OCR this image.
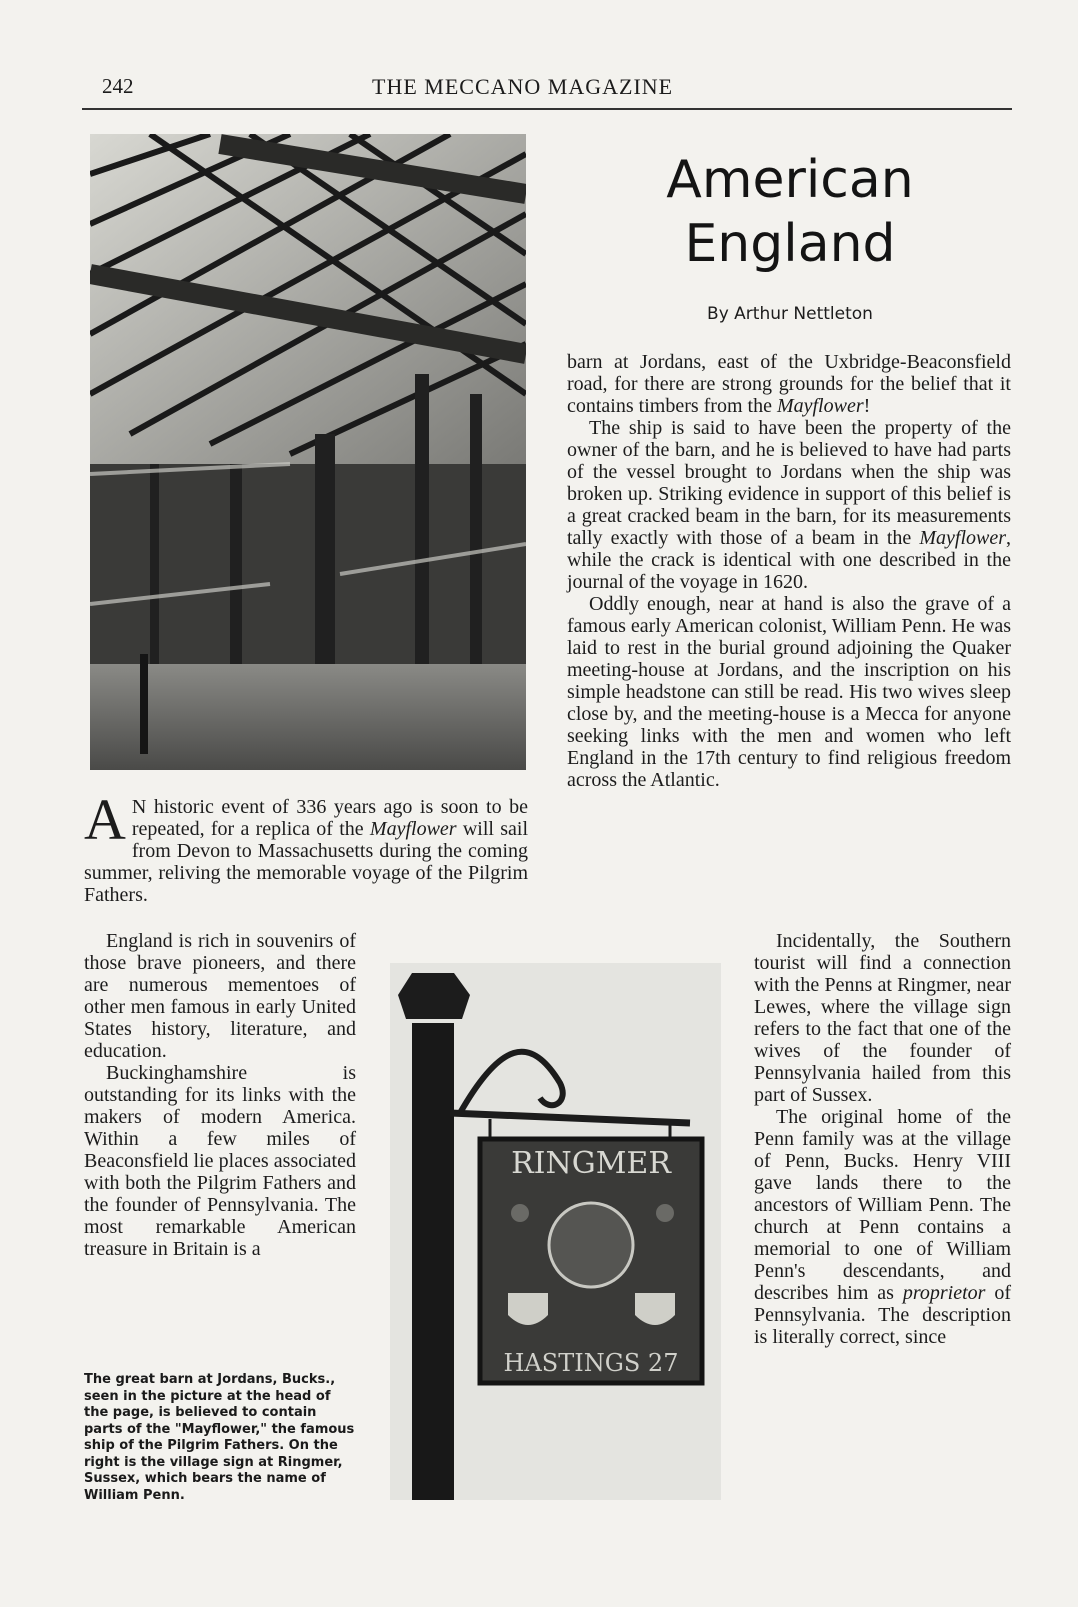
242	THE MECCANO MAGAZINE
American
England
By Arthur Nettleton

barn at Jordans, east of the Uxbridge-Beaconsfield road, for there are strong grounds for the belief that it contains timbers from the Mayflower!

The ship is said to have been the property of the owner of the barn, and he is believed to have had parts of the vessel brought to Jordans when the ship was broken up. Striking evidence in support of this belief is a great cracked beam in the barn, for its measurements tally exactly with those of a beam in the Mayflower, while the crack is identical with one described in the journal of the voyage in 1620.

Oddly enough, near at hand is also the grave of a famous early American colonist, William Penn. He was laid to rest in the burial ground adjoining the Quaker meeting-house at Jordans, and the inscription on his simple headstone can still be read. His two wives sleep close by, and the meeting-house is a Mecca for anyone seeking links with the men and women who left England in the 17th century to find religious freedom across the Atlantic.

A N historic event of 336 years ago is soon to be repeated, for a replica of the Mayflower will sail from Devon to Massachusetts during the coming summer, reliving the memorable voyage of the Pilgrim Fathers.

England is rich in souvenirs of those brave pioneers, and there are numerous mementoes of other men famous in early United States history, literature, and education.

Buckinghamshire is outstanding for its links with the makers of modern America. Within a few miles of Beaconsfield lie places associated with both the Pilgrim Fathers and the founder of Pennsylvania. The most remarkable American treasure in Britain is a

RINGMER
HASTINGS 27

Incidentally, the Southern tourist will find a connection with the Penns at Ringmer, near Lewes, where the village sign refers to the fact that one of the wives of the founder of Pennsylvania hailed from this part of Sussex.

The original home of the Penn family was at the village of Penn, Bucks. Henry VIII gave lands there to the ancestors of William Penn. The church at Penn contains a memorial to one of William Penn's descendants, and describes him as proprietor of Pennsylvania. The description is literally correct, since

The great barn at Jordans, Bucks., seen in the picture at the head of the page, is believed to contain parts of the "Mayflower," the famous ship of the Pilgrim Fathers. On the right is the village sign at Ringmer, Sussex, which bears the name of William Penn.
